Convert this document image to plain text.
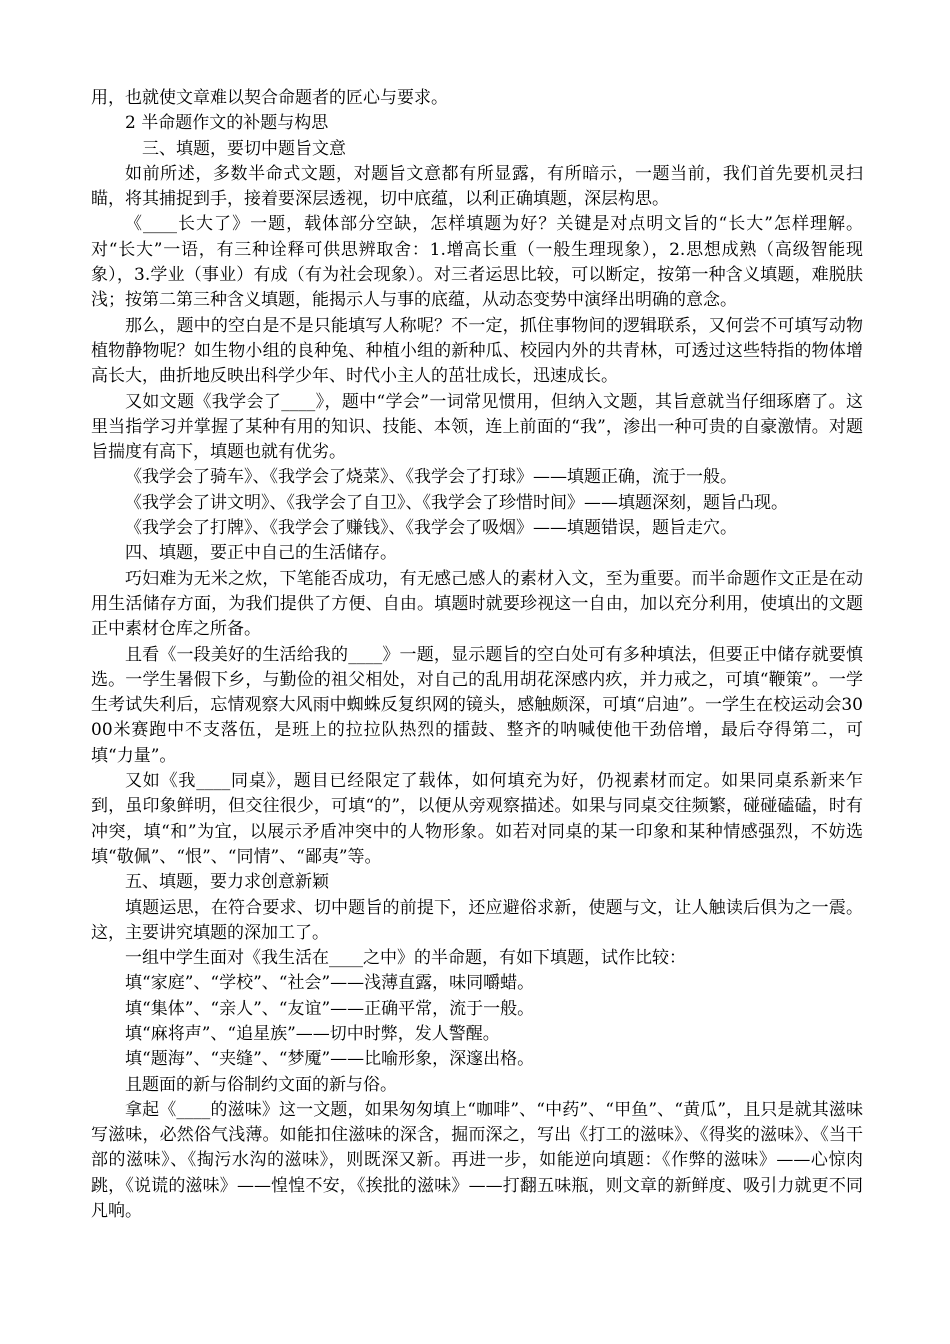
用，也就使文章难以契合命题者的匠心与要求。

2 半命题作文的补题与构思

三、填题，要切中题旨文意

如前所述，多数半命式文题，对题旨文意都有所显露，有所暗示，一题当前，我们首先要机灵扫瞄，将其捕捉到手，接着要深层透视，切中底蕴，以利正确填题，深层构思。

《____长大了》一题，载体部分空缺，怎样填题为好？关键是对点明文旨的“长大”怎样理解。对“长大”一语，有三种诠释可供思辨取舍：1.增高长重（一般生理现象），2.思想成熟（高级智能现象），3.学业（事业）有成（有为社会现象）。对三者运思比较，可以断定，按第一种含义填题，难脱肤浅；按第二第三种含义填题，能揭示人与事的底蕴，从动态变势中演绎出明确的意念。

那么，题中的空白是不是只能填写人称呢？不一定，抓住事物间的逻辑联系，又何尝不可填写动物植物静物呢？如生物小组的良种兔、种植小组的新种瓜、校园内外的共青林，可透过这些特指的物体增高长大，曲折地反映出科学少年、时代小主人的茁壮成长，迅速成长。

又如文题《我学会了____》，题中“学会”一词常见惯用，但纳入文题，其旨意就当仔细琢磨了。这里当指学习并掌握了某种有用的知识、技能、本领，连上前面的“我”，渗出一种可贵的自豪激情。对题旨揣度有高下，填题也就有优劣。

《我学会了骑车》、《我学会了烧菜》、《我学会了打球》——填题正确，流于一般。

《我学会了讲文明》、《我学会了自卫》、《我学会了珍惜时间》——填题深刻，题旨凸现。

《我学会了打牌》、《我学会了赚钱》、《我学会了吸烟》——填题错误，题旨走穴。

四、填题，要正中自己的生活储存。

巧妇难为无米之炊，下笔能否成功，有无感己感人的素材入文，至为重要。而半命题作文正是在动用生活储存方面，为我们提供了方便、自由。填题时就要珍视这一自由，加以充分利用，使填出的文题正中素材仓库之所备。

且看《一段美好的生活给我的____》一题，显示题旨的空白处可有多种填法，但要正中储存就要慎选。一学生暑假下乡，与勤俭的祖父相处，对自己的乱用胡花深感内疚，并力戒之，可填“鞭策”。一学生考试失利后，忘情观察大风雨中蜘蛛反复织网的镜头，感触颇深，可填“启迪”。一学生在校运动会3000米赛跑中不支落伍，是班上的拉拉队热烈的擂鼓、整齐的呐喊使他干劲倍增，最后夺得第二，可填“力量”。

又如《我____同桌》，题目已经限定了载体，如何填充为好，仍视素材而定。如果同桌系新来乍到，虽印象鲜明，但交往很少，可填“的”，以便从旁观察描述。如果与同桌交往频繁，碰碰磕磕，时有冲突，填“和”为宜，以展示矛盾冲突中的人物形象。如若对同桌的某一印象和某种情感强烈，不妨选填“敬佩”、“恨”、“同情”、“鄙夷”等。

五、填题，要力求创意新颖

填题运思，在符合要求、切中题旨的前提下，还应避俗求新，使题与文，让人触读后俱为之一震。这，主要讲究填题的深加工了。

一组中学生面对《我生活在____之中》的半命题，有如下填题，试作比较：

填“家庭”、“学校”、“社会”——浅薄直露，味同嚼蜡。

填“集体”、“亲人”、“友谊”——正确平常，流于一般。

填“麻将声”、“追星族”——切中时弊，发人警醒。

填“题海”、“夹缝”、“梦魇”——比喻形象，深邃出格。

且题面的新与俗制约文面的新与俗。

拿起《____的滋味》这一文题，如果匆匆填上“咖啡”、“中药”、“甲鱼”、“黄瓜”，且只是就其滋味写滋味，必然俗气浅薄。如能扣住滋味的深含，掘而深之，写出《打工的滋味》、《得奖的滋味》、《当干部的滋味》、《掏污水沟的滋味》，则既深又新。再进一步，如能逆向填题：《作弊的滋味》——心惊肉跳，《说谎的滋味》——惶惶不安，《挨批的滋味》——打翻五味瓶，则文章的新鲜度、吸引力就更不同凡响。
